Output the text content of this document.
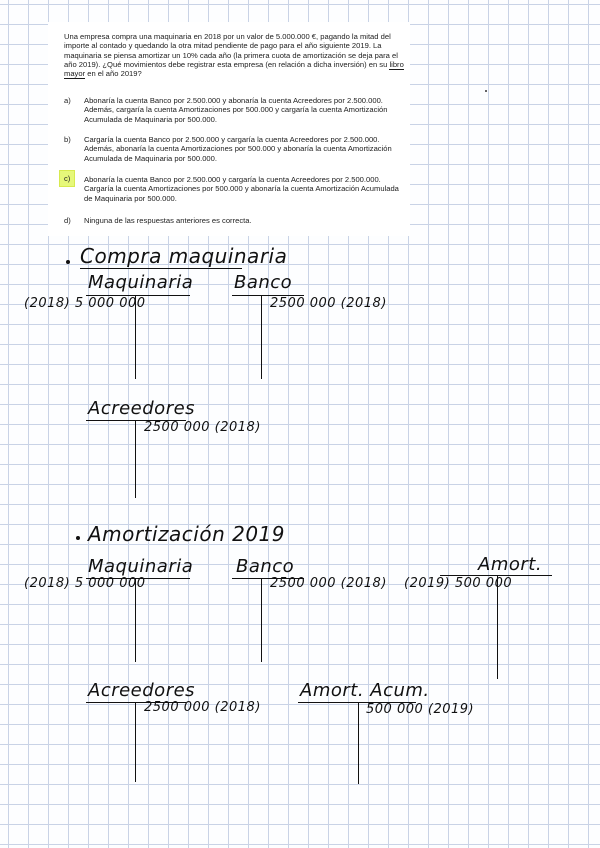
Una empresa compra una maquinaria en 2018 por un valor de 5.000.000 €, pagando la mitad del importe al contado y quedando la otra mitad pendiente de pago para el año siguiente 2019. La maquinaria se piensa amortizar un 10% cada año (la primera cuota de amortización se deja para el año 2019). ¿Qué movimientos debe registrar esta empresa (en relación a dicha inversión) en su libro mayor en el año 2019?
a) Abonaría la cuenta Banco por 2.500.000 y abonaría la cuenta Acreedores por 2.500.000. Además, cargaría la cuenta Amortizaciones por 500.000 y cargaría la cuenta Amortización Acumulada de Maquinaria por 500.000.
b) Cargaría la cuenta Banco por 2.500.000 y cargaría la cuenta Acreedores por 2.500.000. Además, abonaría la cuenta Amortizaciones por 500.000 y abonaría la cuenta Amortización Acumulada de Maquinaria por 500.000.
c)	Abonaría la cuenta Banco por 2.500.000 y cargaría la cuenta Acreedores por 2.500.000. Cargaría la cuenta Amortizaciones por 500.000 y abonaría la cuenta Amortización Acumulada de Maquinaria por 500.000.
d) Ninguna de las respuestas anteriores es correcta.
Compra maquinaria
Maquinaria
(2018) 5 000 000
Banco
2500 000 (2018)
Acreedores
2500 000 (2018)
Amortización 2019
Maquinaria
(2018) 5 000 000
Banco
2500 000 (2018)
Amort.
(2019) 500 000
Acreedores
2500 000 (2018)
Amort. Acum.
500 000 (2019)
